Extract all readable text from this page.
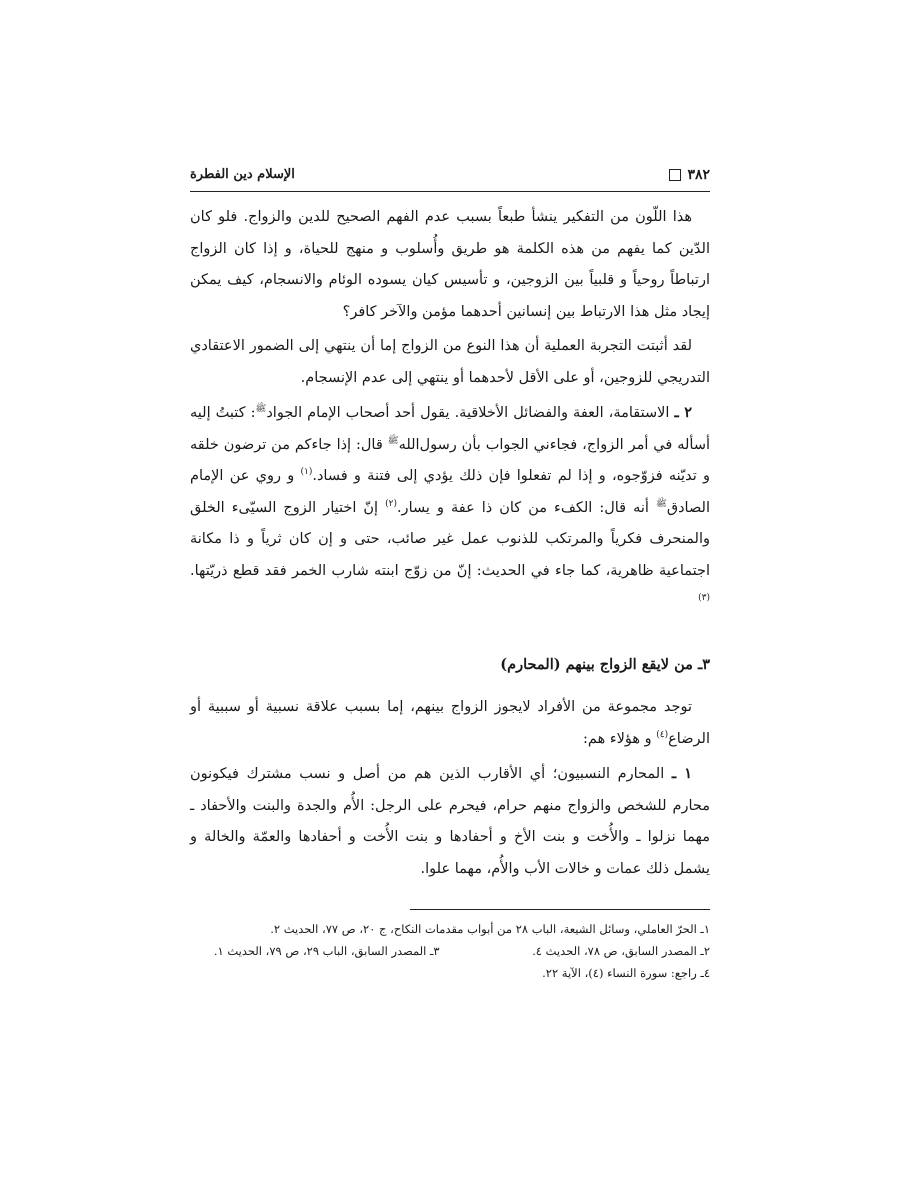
٣٨٢
الإسلام دين الفطرة

هذا اللّون من التفكير ينشأ طبعاً بسبب عدم الفهم الصحيح للدين والزواج. فلو كان الدّين كما يفهم من هذه الكلمة هو طريق وأُسلوب و منهج للحياة، و إذا كان الزواج ارتباطاً روحياً و قلبياً بين الزوجين، و تأسيس كيان يسوده الوئام والانسجام، كيف يمكن إيجاد مثل هذا الارتباط بين إنسانين أحدهما مؤمن والآخر كافر؟

لقد أثبتت التجربة العملية أن هذا النوع من الزواج إما أن ينتهي إلى الضمور الاعتقادي التدريجي للزوجين، أو على الأقل لأحدهما أو ينتهي إلى عدم الإنسجام.

٢ ـ الاستقامة، العفة والفضائل الأخلاقية. يقول أحد أصحاب الإمام الجواد$^ﷺ$: كتبتُ إليه أسأله في أمر الزواج، فجاءني الجواب بأن رسول‌الله$^ﷺ$ قال: إذا جاءكم من ترضون خلقه و تديّنه فزوّجوه، و إذا لم تفعلوا فإن ذلك يؤدي إلى فتنة و فساد.$^{(١)}$ و روي عن الإمام الصادق$^ﷺ$ أنه قال: الكفء من كان ذا عفة و يسار.$^{(٢)}$ إنّ اختيار الزوج السيّىء الخلق والمنحرف فكرياً والمرتكب للذنوب عمل غير صائب، حتى و إن كان ثرياً و ذا مكانة اجتماعية ظاهرية، كما جاء في الحديث: إنّ من زوّج ابنته شارب الخمر فقد قطع ذريّتها.$^{(٣)}$

٣ـ من لايقع الزواج بينهم (المحارم)

توجد مجموعة من الأفراد لايجوز الزواج بينهم، إما بسبب علاقة نسبية أو سببية أو الرضاع$^{(٤)}$ و هؤلاء هم:

١ ـ المحارم النسبيون؛ أي الأقارب الذين هم من أصل و نسب مشترك فيكونون محارم للشخص والزواج منهم حرام، فيحرم على الرجل: الأُم والجدة والبنت والأحفاد ـ مهما نزلوا ـ والأُخت و بنت الأخ و أحفادها و بنت الأُخت و أحفادها والعمّة والخالة و يشمل ذلك عمات و خالات الأب والأُم، مهما علوا.

١ـ الحرّ العاملي، وسائل الشيعة، الباب ٢٨ من أبواب مقدمات النكاح، ج ٢٠، ص ٧٧، الحديث ٢.
٢ـ المصدر السابق، ص ٧٨، الحديث ٤.
٣ـ المصدر السابق، الباب ٢٩، ص ٧٩، الحديث ١.
٤ـ راجع: سورة النساء (٤)، الآية ٢٢.
